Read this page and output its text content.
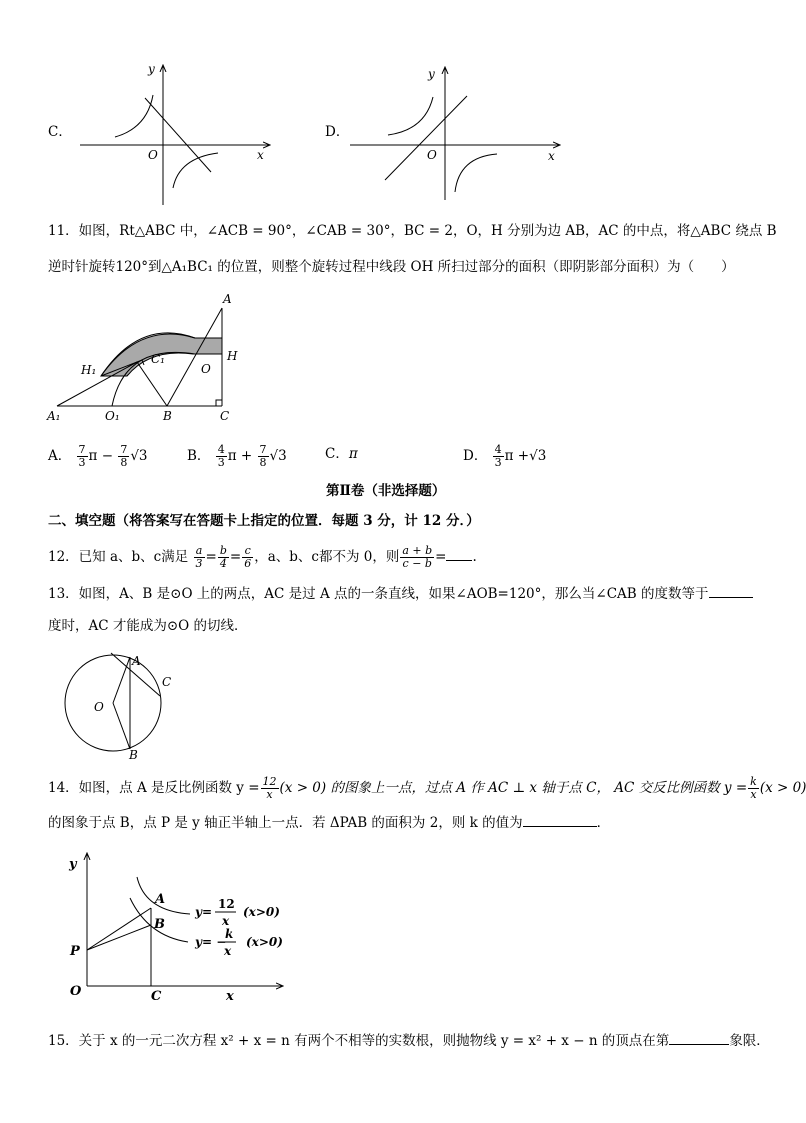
C．
y
x
O
D．
y
x
O
11．如图，Rt△ABC 中，∠ACB = 90°，∠CAB = 30°，BC = 2，O，H 分别为边 AB，AC 的中点，将△ABC 绕点 B
逆时针旋转120°到△A₁BC₁ 的位置，则整个旋转过程中线段 OH 所扫过部分的面积（即阴影部分面积）为（　　）
A
H
O
C₁
H₁
A₁	O₁	B	C
A． $\frac{7}{3}$ $\pi - \frac{7}{8} √3$	B． $\frac{4}{3}$ $\pi + \frac{7}{8} √3$	C．π	D． $\frac{4}{3}$ π +√3
第Ⅱ卷（非选择题）
二、填空题（将答案写在答题卡上指定的位置．每题 3 分，计 12 分．）
12．已知 a、b、c满足 $\frac{a}{3} = \frac{b}{4} = \frac{c}{6}$ ，a、b、c都不为 0，则 $\frac{a + b}{c - b}$ = .
13．如图，A、B 是⊙O 上的两点，AC 是过 A 点的一条直线，如果∠AOB=120°，那么当∠CAB 的度数等于
度时，AC 才能成为⊙O 的切线．
A
C
O
B
14．如图，点 A 是反比例函数 $y = \frac{12}{x} (x > 0)$ 的图象上一点，过点 A 作 AC ⊥ x 轴于点 C， AC 交反比例函数 $y = \frac{k}{x} (x > 0)$
的图象于点 B，点 P 是 y 轴正半轴上一点．若 ΔPAB 的面积为 2，则 k 的值为	．
y
x
O	C
P
A
B
y=
12
x
(x>0)
y= −
k
x
(x>0)
15．关于 x 的一元二次方程 x² + x = n 有两个不相等的实数根，则抛物线 y = x² + x − n 的顶点在第	象限．
